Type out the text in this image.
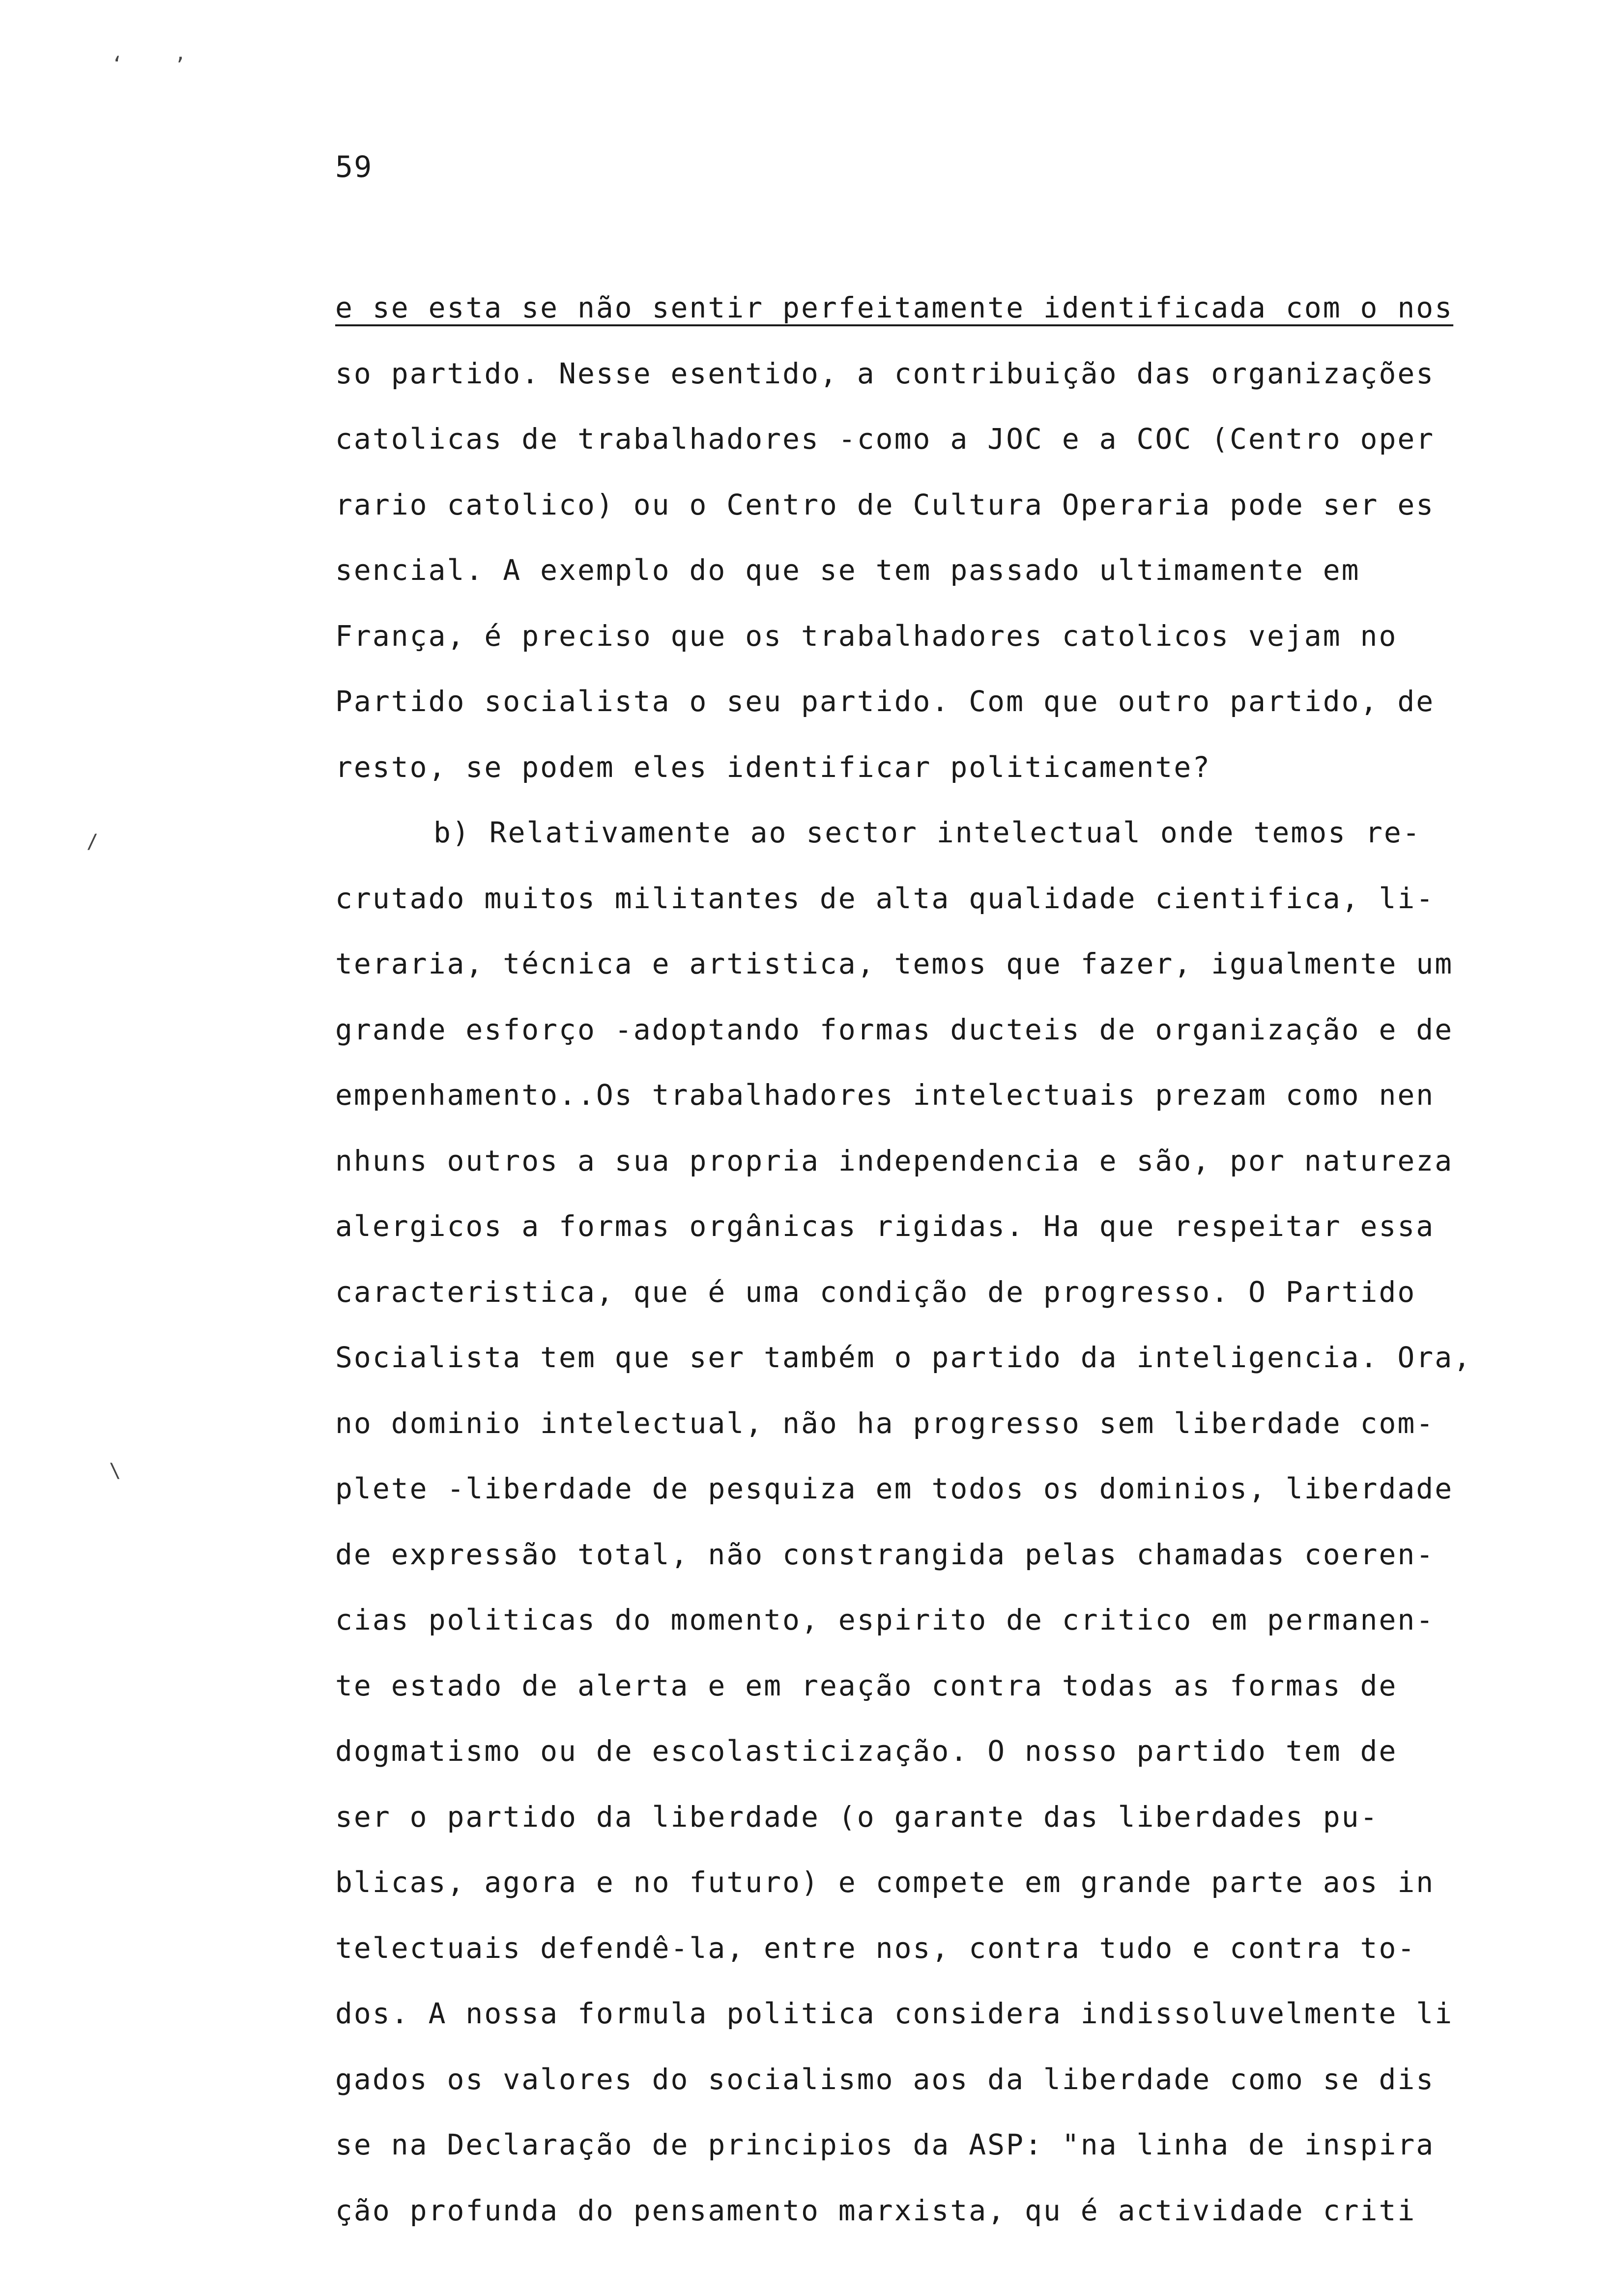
59
‘	’
/
\
e se esta se não sentir perfeitamente identificada com o nos
so partido. Nesse esentido, a contribuição das organizações
catolicas de trabalhadores -como a JOC e a COC (Centro oper
rario catolico) ou o Centro de Cultura Operaria pode ser es
sencial. A exemplo do que se tem passado ultimamente em
França, é preciso que os trabalhadores catolicos vejam no
Partido socialista o seu partido. Com que outro partido, de
resto, se podem eles identificar politicamente?
b) Relativamente ao sector intelectual onde temos re-
crutado muitos militantes de alta qualidade cientifica, li-
teraria, técnica e artistica, temos que fazer, igualmente um
grande esforço -adoptando formas ducteis de organização e de
empenhamento..Os trabalhadores intelectuais prezam como nen
nhuns outros a sua propria independencia e são, por natureza
alergicos a formas orgânicas rigidas. Ha que respeitar essa
caracteristica, que é uma condição de progresso. O Partido
Socialista tem que ser também o partido da inteligencia. Ora,
no dominio intelectual, não ha progresso sem liberdade com-
plete -liberdade de pesquiza em todos os dominios, liberdade
de expressão total, não constrangida pelas chamadas coeren-
cias politicas do momento, espirito de critico em permanen-
te estado de alerta e em reação contra todas as formas de
dogmatismo ou de escolasticização. O nosso partido tem de
ser o partido da liberdade (o garante das liberdades pu-
blicas, agora e no futuro) e compete em grande parte aos in
telectuais defendê-la, entre nos, contra tudo e contra to-
dos. A nossa formula politica considera indissoluvelmente li
gados os valores do socialismo aos da liberdade como se dis
se na Declaração de principios da ASP: "na linha de inspira
ção profunda do pensamento marxista, qu é actividade criti
